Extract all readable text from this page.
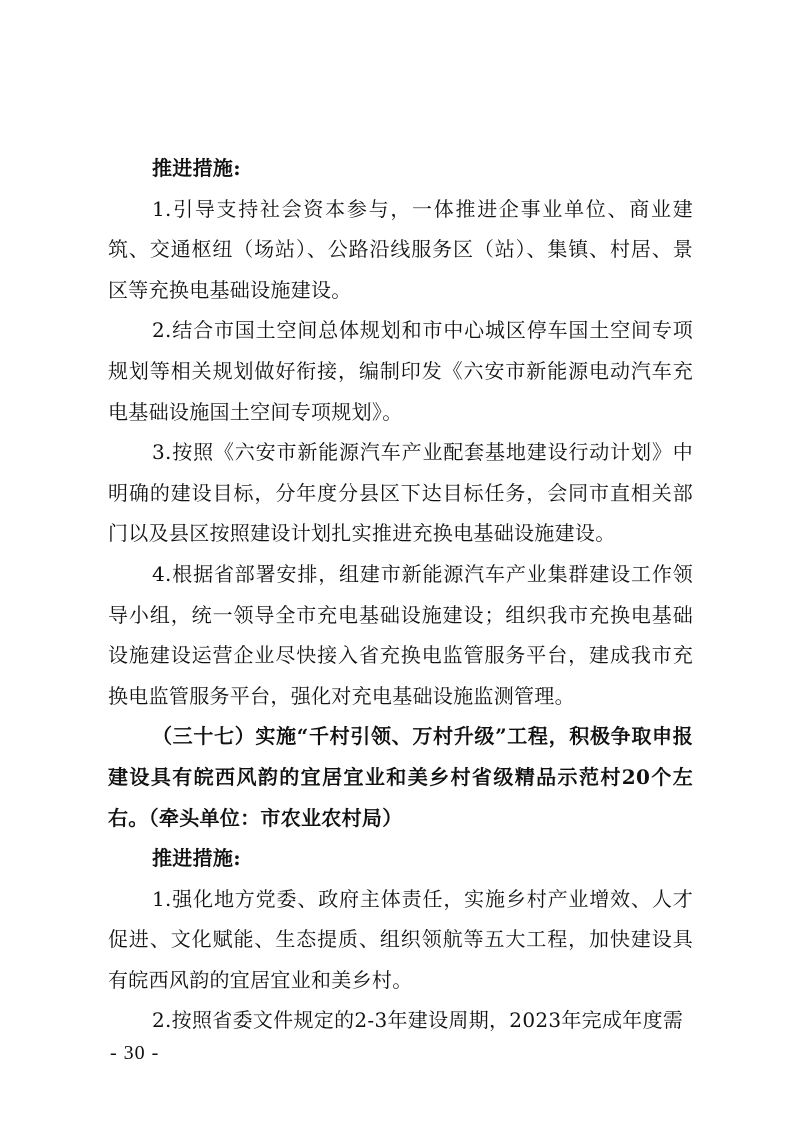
推进措施:

1.引导支持社会资本参与，一体推进企事业单位、商业建筑、交通枢纽（场站）、公路沿线服务区（站）、集镇、村居、景区等充换电基础设施建设。

2.结合市国土空间总体规划和市中心城区停车国土空间专项规划等相关规划做好衔接，编制印发《六安市新能源电动汽车充电基础设施国土空间专项规划》。

3.按照《六安市新能源汽车产业配套基地建设行动计划》中明确的建设目标，分年度分县区下达目标任务，会同市直相关部门以及县区按照建设计划扎实推进充换电基础设施建设。

4.根据省部署安排，组建市新能源汽车产业集群建设工作领导小组，统一领导全市充电基础设施建设；组织我市充换电基础设施建设运营企业尽快接入省充换电监管服务平台，建成我市充换电监管服务平台，强化对充电基础设施监测管理。

（三十七）实施“千村引领、万村升级”工程，积极争取申报建设具有皖西风韵的宜居宜业和美乡村省级精品示范村20个左右。（牵头单位：市农业农村局）

推进措施:

1.强化地方党委、政府主体责任，实施乡村产业增效、人才促进、文化赋能、生态提质、组织领航等五大工程，加快建设具有皖西风韵的宜居宜业和美乡村。

2.按照省委文件规定的2-3年建设周期，2023年完成年度需

- 30 -
